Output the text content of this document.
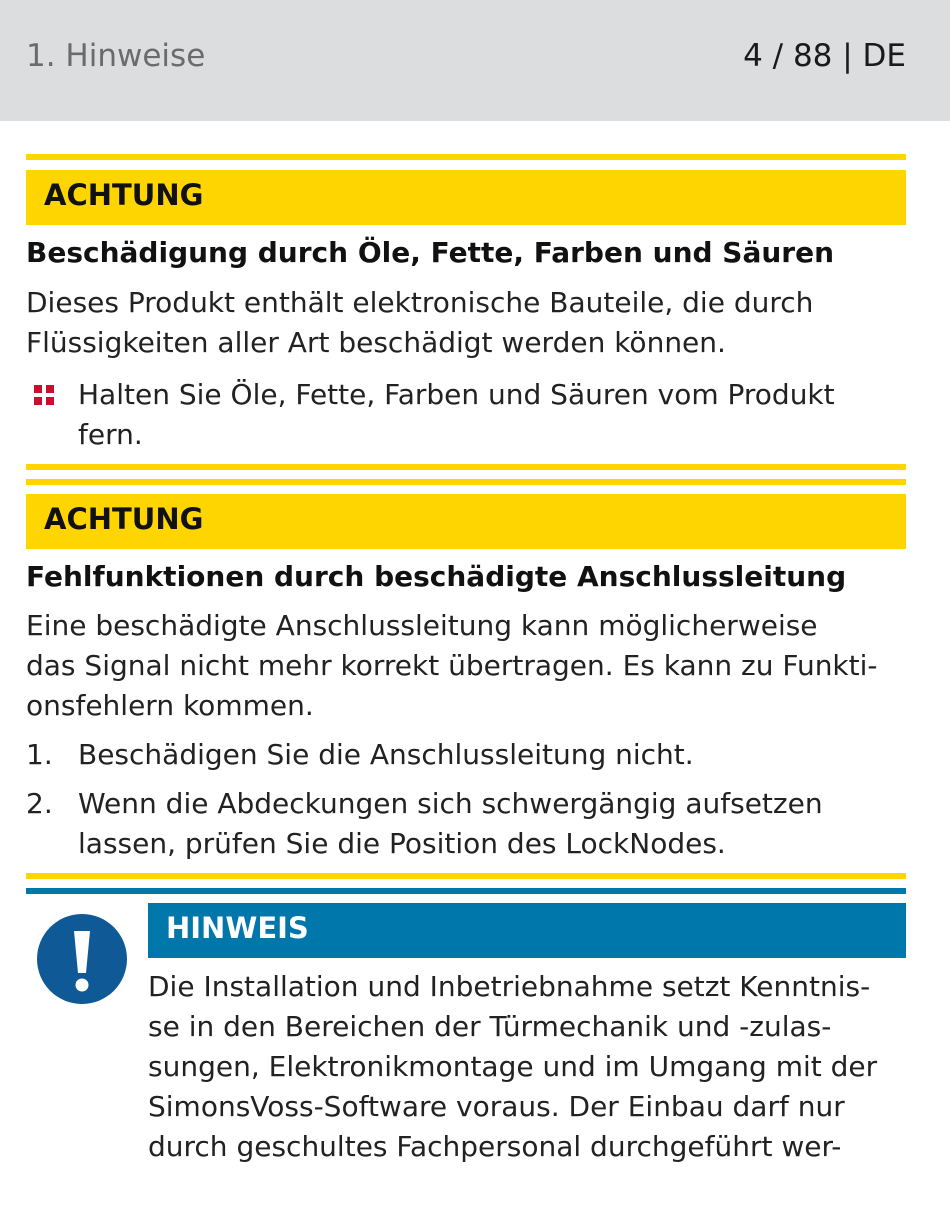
1. Hinweise	4 / 88 | DE
ACHTUNG
Beschädigung durch Öle, Fette, Farben und Säuren
Dieses Produkt enthält elektronische Bauteile, die durch
Flüssigkeiten aller Art beschädigt werden können.
Halten Sie Öle, Fette, Farben und Säuren vom Produkt
fern.
ACHTUNG
Fehlfunktionen durch beschädigte Anschlussleitung
Eine beschädigte Anschlussleitung kann möglicherweise
das Signal nicht mehr korrekt übertragen. Es kann zu Funkti-
onsfehlern kommen.
1. Beschädigen Sie die Anschlussleitung nicht.
2. Wenn die Abdeckungen sich schwergängig aufsetzen
lassen, prüfen Sie die Position des LockNodes.
HINWEIS
Die Installation und Inbetriebnahme setzt Kenntnis-
se in den Bereichen der Türmechanik und -zulas-
sungen, Elektronikmontage und im Umgang mit der
SimonsVoss-Software voraus. Der Einbau darf nur
durch geschultes Fachpersonal durchgeführt wer-
